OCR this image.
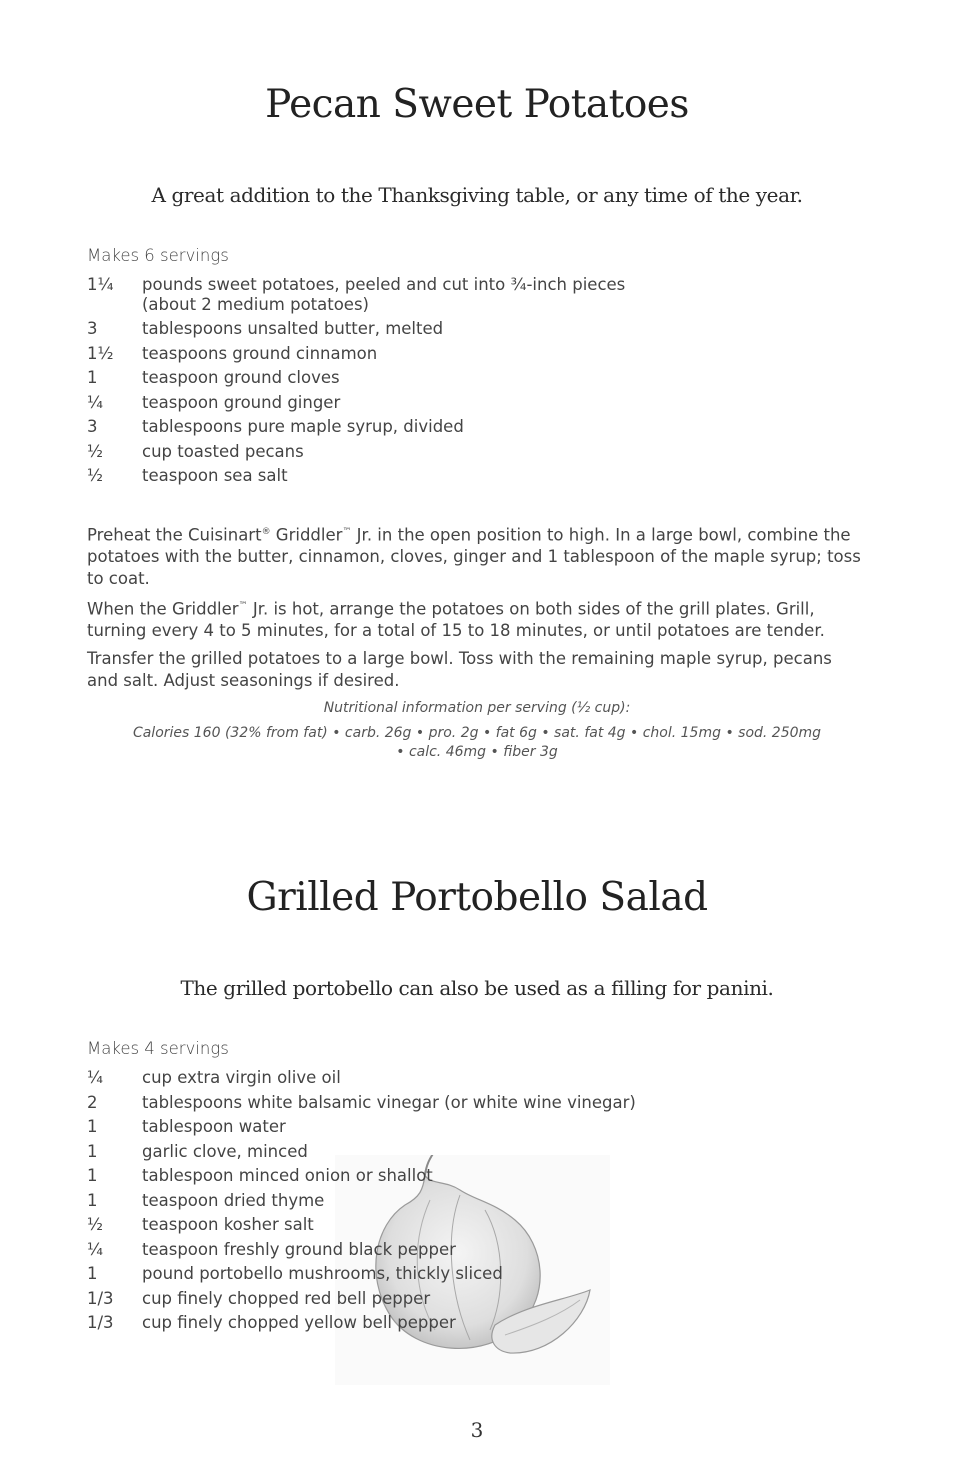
Pecan Sweet Potatoes

A great addition to the Thanksgiving table, or any time of the year.

Makes 6 servings

1¼	pounds sweet potatoes, peeled and cut into ¾-inch pieces
(about 2 medium potatoes)
3	tablespoons unsalted butter, melted
1½	teaspoons ground cinnamon
1	teaspoon ground cloves
¼	teaspoon ground ginger
3	tablespoons pure maple syrup, divided
½	cup toasted pecans
½	teaspoon sea salt

Preheat the Cuisinart® Griddler™ Jr. in the open position to high. In a large bowl, combine the potatoes with the butter, cinnamon, cloves, ginger and 1 tablespoon of the maple syrup; toss to coat.

When the Griddler™ Jr. is hot, arrange the potatoes on both sides of the grill plates. Grill, turning every 4 to 5 minutes, for a total of 15 to 18 minutes, or until potatoes are tender.

Transfer the grilled potatoes to a large bowl. Toss with the remaining maple syrup, pecans and salt. Adjust seasonings if desired.

Nutritional information per serving (½ cup):

Calories 160 (32% from fat) • carb. 26g • pro. 2g • fat 6g • sat. fat 4g • chol. 15mg • sod. 250mg
• calc. 46mg • fiber 3g

Grilled Portobello Salad

The grilled portobello can also be used as a filling for panini.

Makes 4 servings

¼	cup extra virgin olive oil
2	tablespoons white balsamic vinegar (or white wine vinegar)
1	tablespoon water
1	garlic clove, minced
1	tablespoon minced onion or shallot
1	teaspoon dried thyme
½	teaspoon kosher salt
¼	teaspoon freshly ground black pepper
1	pound portobello mushrooms, thickly sliced
1/3	cup finely chopped red bell pepper
1/3	cup finely chopped yellow bell pepper
3
